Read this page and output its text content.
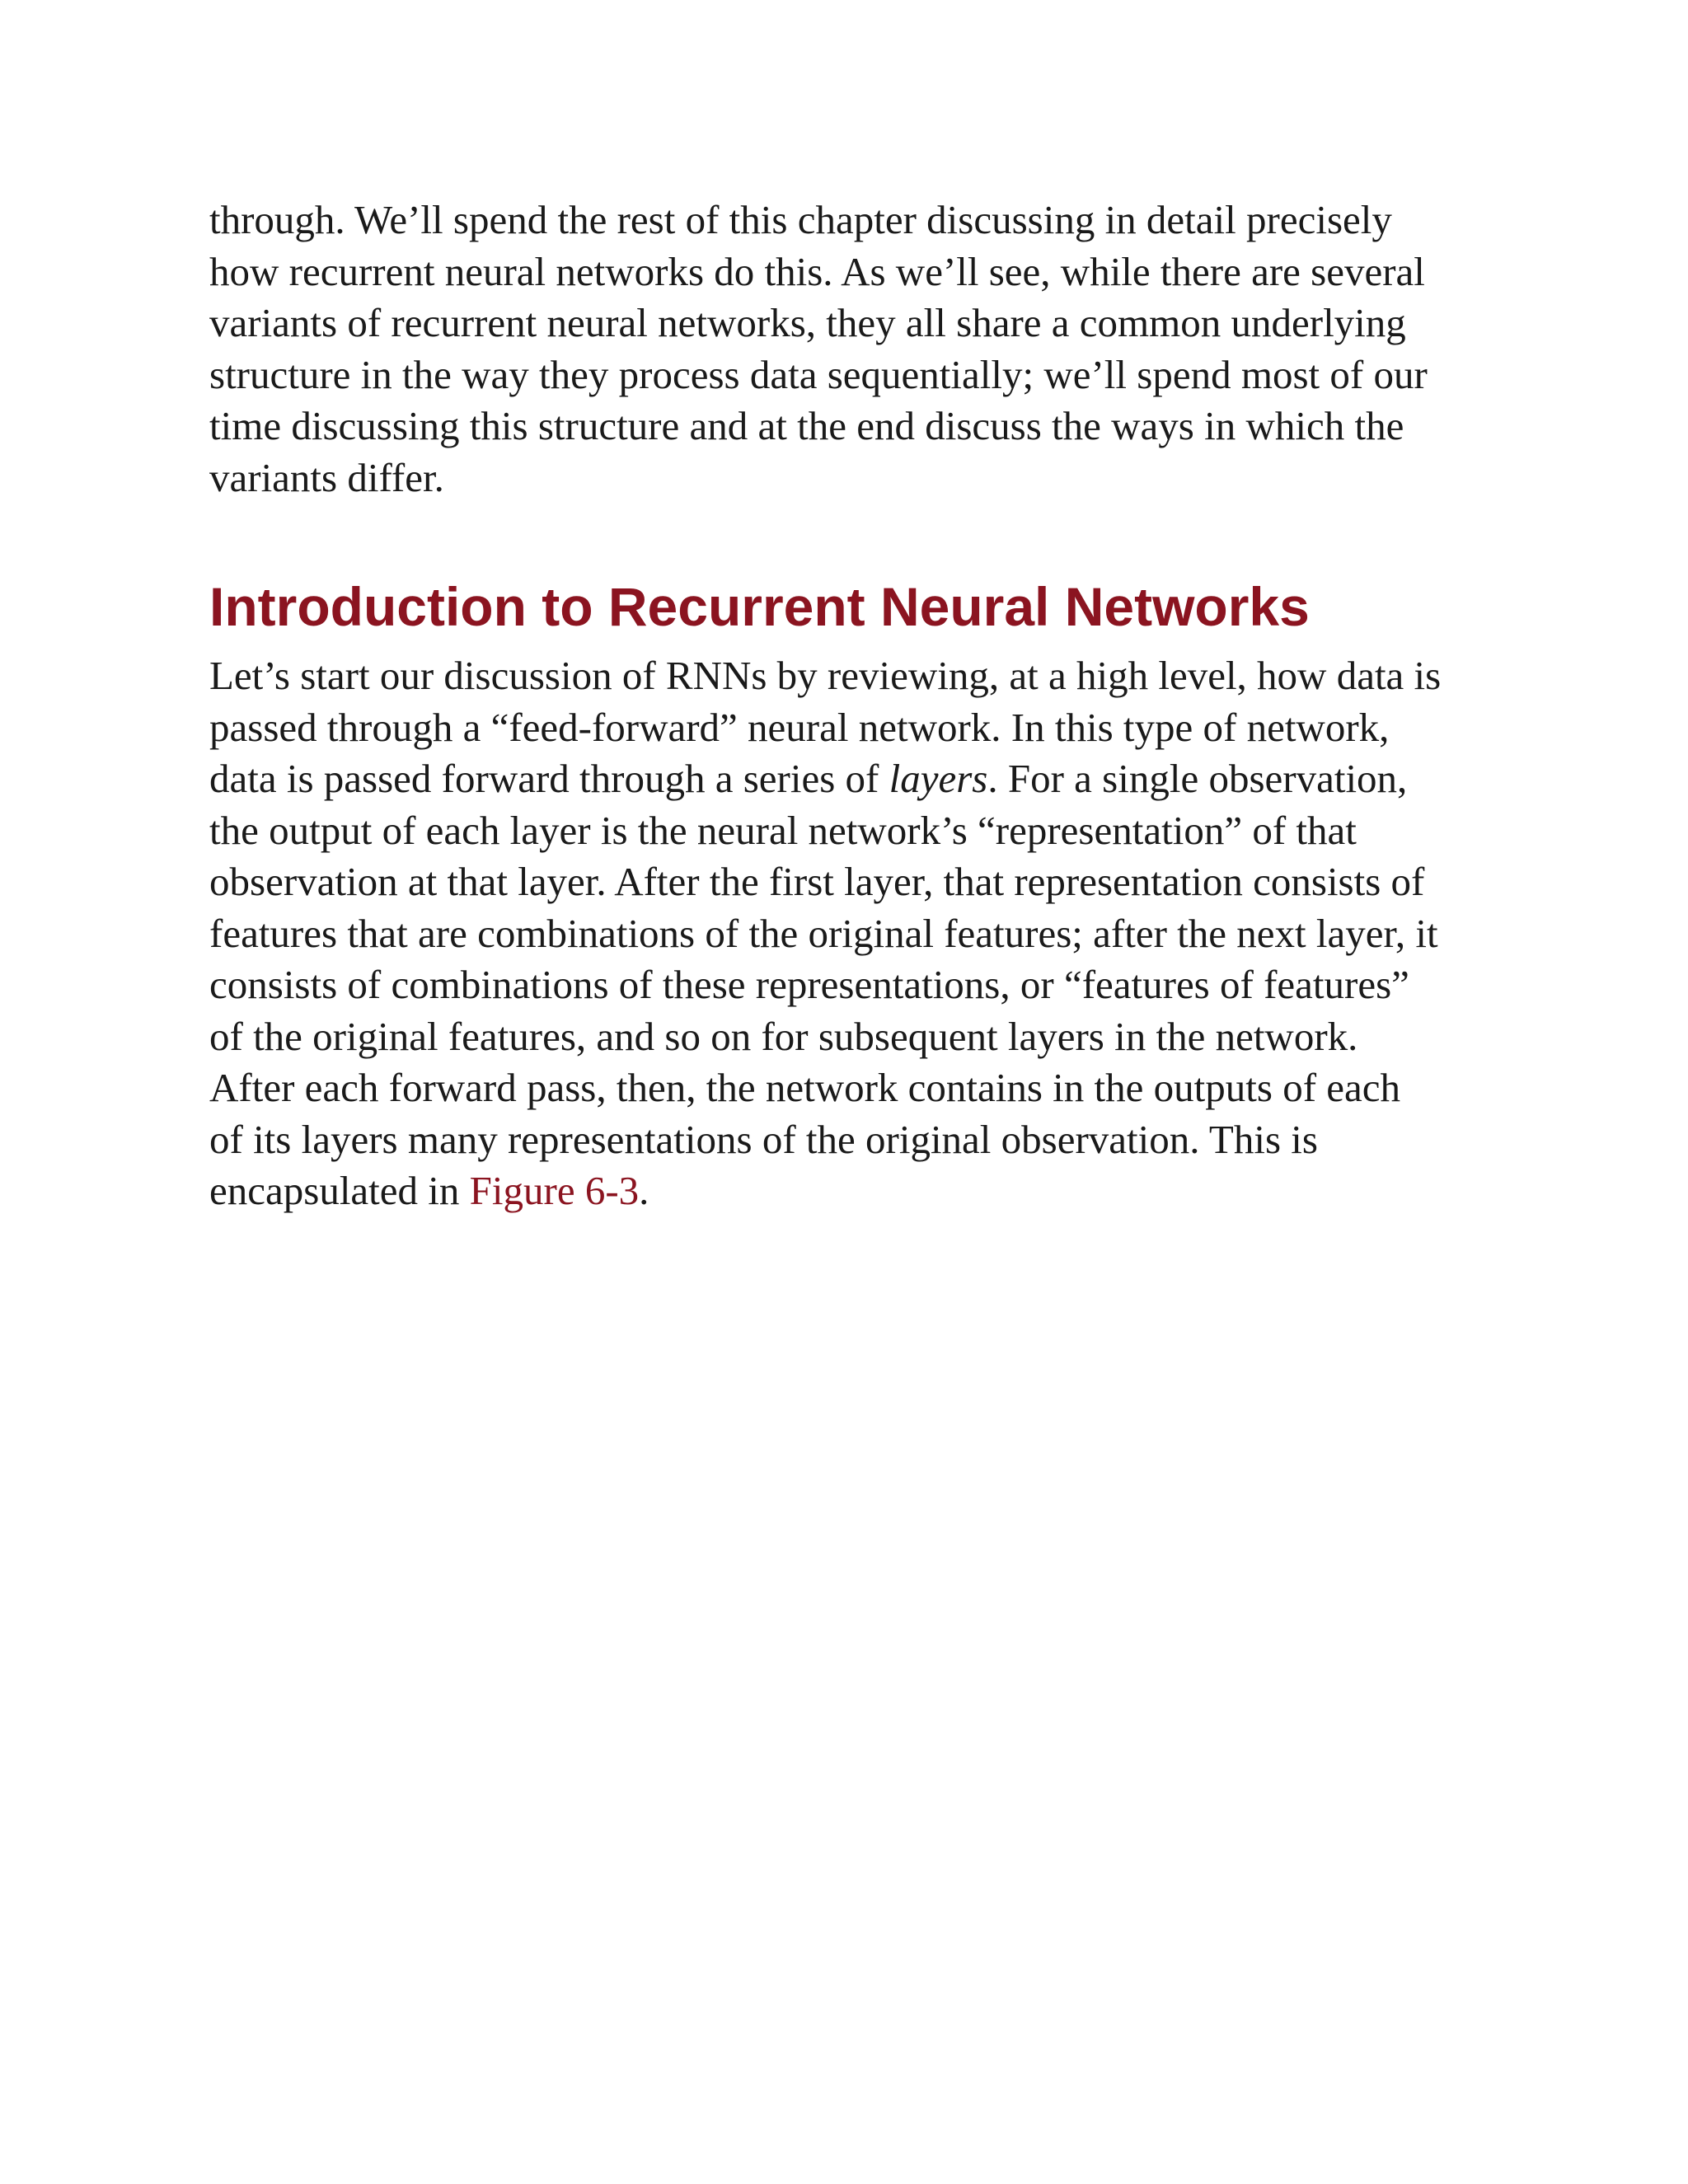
through. We’ll spend the rest of this chapter discussing in detail precisely
how recurrent neural networks do this. As we’ll see, while there are several
variants of recurrent neural networks, they all share a common underlying
structure in the way they process data sequentially; we’ll spend most of our
time discussing this structure and at the end discuss the ways in which the
variants differ.

Introduction to Recurrent Neural Networks

Let’s start our discussion of RNNs by reviewing, at a high level, how data is
passed through a “feed-forward” neural network. In this type of network,
data is passed forward through a series of layers. For a single observation,
the output of each layer is the neural network’s “representation” of that
observation at that layer. After the first layer, that representation consists of
features that are combinations of the original features; after the next layer, it
consists of combinations of these representations, or “features of features”
of the original features, and so on for subsequent layers in the network.
After each forward pass, then, the network contains in the outputs of each
of its layers many representations of the original observation. This is
encapsulated in Figure 6-3.
